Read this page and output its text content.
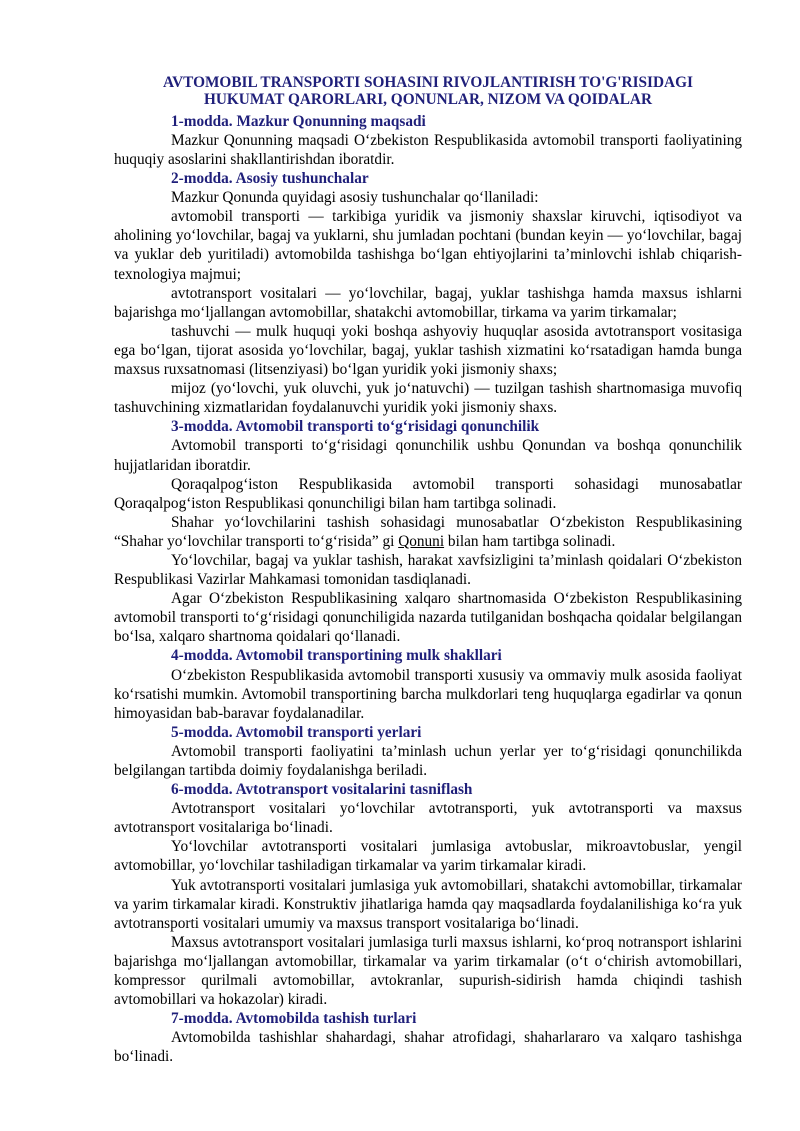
AVTOMOBIL TRANSPORTI SOHASINI RIVOJLANTIRISH TO'G'RISIDAGI
HUKUMAT QARORLARI, QONUNLAR, NIZOM VA QOIDALAR

1-modda. Mazkur Qonunning maqsadi

Mazkur Qonunning maqsadi O‘zbekiston Respublikasida avtomobil transporti faoliyatining huquqiy asoslarini shakllantirishdan iboratdir.

2-modda. Asosiy tushunchalar

Mazkur Qonunda quyidagi asosiy tushunchalar qo‘llaniladi:

avtomobil transporti — tarkibiga yuridik va jismoniy shaxslar kiruvchi, iqtisodiyot va aholining yo‘lovchilar, bagaj va yuklarni, shu jumladan pochtani (bundan keyin — yo‘lovchilar, bagaj va yuklar deb yuritiladi) avtomobilda tashishga bo‘lgan ehtiyojlarini ta’minlovchi ishlab chiqarish-texnologiya majmui;

avtotransport vositalari — yo‘lovchilar, bagaj, yuklar tashishga hamda maxsus ishlarni bajarishga mo‘ljallangan avtomobillar, shatakchi avtomobillar, tirkama va yarim tirkamalar;

tashuvchi — mulk huquqi yoki boshqa ashyoviy huquqlar asosida avtotransport vositasiga ega bo‘lgan, tijorat asosida yo‘lovchilar, bagaj, yuklar tashish xizmatini ko‘rsatadigan hamda bunga maxsus ruxsatnomasi (litsenziyasi) bo‘lgan yuridik yoki jismoniy shaxs;

mijoz (yo‘lovchi, yuk oluvchi, yuk jo‘natuvchi) — tuzilgan tashish shartnomasiga muvofiq tashuvchining xizmatlaridan foydalanuvchi yuridik yoki jismoniy shaxs.

3-modda. Avtomobil transporti to‘g‘risidagi qonunchilik

Avtomobil transporti to‘g‘risidagi qonunchilik ushbu Qonundan va boshqa qonunchilik hujjatlaridan iboratdir.

Qoraqalpog‘iston Respublikasida avtomobil transporti sohasidagi munosabatlar Qoraqalpog‘iston Respublikasi qonunchiligi bilan ham tartibga solinadi.

Shahar yo‘lovchilarini tashish sohasidagi munosabatlar O‘zbekiston Respublikasining “Shahar yo‘lovchilar transporti to‘g‘risida” gi Qonuni bilan ham tartibga solinadi.

Yo‘lovchilar, bagaj va yuklar tashish, harakat xavfsizligini ta’minlash qoidalari O‘zbekiston Respublikasi Vazirlar Mahkamasi tomonidan tasdiqlanadi.

Agar O‘zbekiston Respublikasining xalqaro shartnomasida O‘zbekiston Respublikasining avtomobil transporti to‘g‘risidagi qonunchiligida nazarda tutilganidan boshqacha qoidalar belgilangan bo‘lsa, xalqaro shartnoma qoidalari qo‘llanadi.

4-modda. Avtomobil transportining mulk shakllari

O‘zbekiston Respublikasida avtomobil transporti xususiy va ommaviy mulk asosida faoliyat ko‘rsatishi mumkin. Avtomobil transportining barcha mulkdorlari teng huquqlarga egadirlar va qonun himoyasidan bab-baravar foydalanadilar.

5-modda. Avtomobil transporti yerlari

Avtomobil transporti faoliyatini ta’minlash uchun yerlar yer to‘g‘risidagi qonunchilikda belgilangan tartibda doimiy foydalanishga beriladi.

6-modda. Avtotransport vositalarini tasniflash

Avtotransport vositalari yo‘lovchilar avtotransporti, yuk avtotransporti va maxsus avtotransport vositalariga bo‘linadi.

Yo‘lovchilar avtotransporti vositalari jumlasiga avtobuslar, mikroavtobuslar, yengil avtomobillar, yo‘lovchilar tashiladigan tirkamalar va yarim tirkamalar kiradi.

Yuk avtotransporti vositalari jumlasiga yuk avtomobillari, shatakchi avtomobillar, tirkamalar va yarim tirkamalar kiradi. Konstruktiv jihatlariga hamda qay maqsadlarda foydalanilishiga ko‘ra yuk avtotransporti vositalari umumiy va maxsus transport vositalariga bo‘linadi.

Maxsus avtotransport vositalari jumlasiga turli maxsus ishlarni, ko‘proq notransport ishlarini bajarishga mo‘ljallangan avtomobillar, tirkamalar va yarim tirkamalar (o‘t o‘chirish avtomobillari, kompressor qurilmali avtomobillar, avtokranlar, supurish-sidirish hamda chiqindi tashish avtomobillari va hokazolar) kiradi.

7-modda. Avtomobilda tashish turlari

Avtomobilda tashishlar shahardagi, shahar atrofidagi, shaharlararo va xalqaro tashishga bo‘linadi.
